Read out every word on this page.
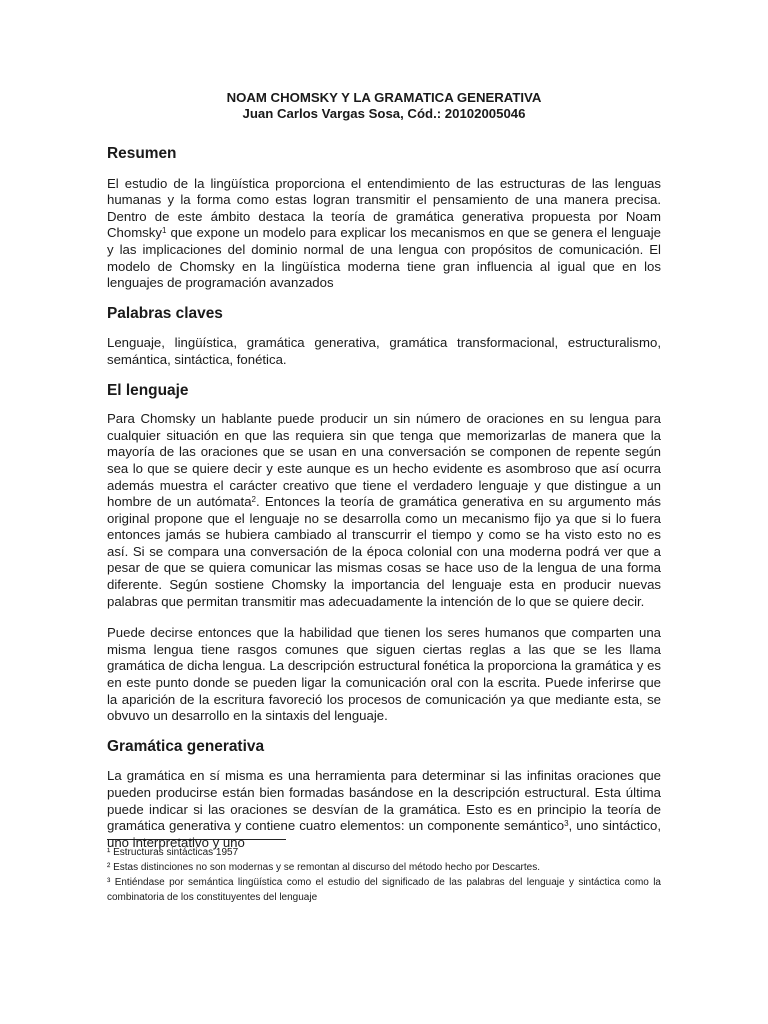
NOAM CHOMSKY Y LA GRAMATICA GENERATIVA
Juan Carlos Vargas Sosa, Cód.: 20102005046
Resumen

El estudio de la lingüística proporciona el entendimiento de las estructuras de las lenguas humanas y la forma como estas logran transmitir el pensamiento de una manera precisa. Dentro de este ámbito destaca la teoría de gramática generativa propuesta por Noam Chomsky$^1$ que expone un modelo para explicar los mecanismos en que se genera el lenguaje y las implicaciones del dominio normal de una lengua con propósitos de comunicación. El modelo de Chomsky en la lingüística moderna tiene gran influencia al igual que en los lenguajes de programación avanzados

Palabras claves

Lenguaje, lingüística, gramática generativa, gramática transformacional, estructuralismo, semántica, sintáctica, fonética.

El lenguaje

Para Chomsky un hablante puede producir un sin número de oraciones en su lengua para cualquier situación en que las requiera sin que tenga que memorizarlas de manera que la mayoría de las oraciones que se usan en una conversación se componen de repente según sea lo que se quiere decir y este aunque es un hecho evidente es asombroso que así ocurra además muestra el carácter creativo que tiene el verdadero lenguaje y que distingue a un hombre de un autómata$^2$. Entonces la teoría de gramática generativa en su argumento más original propone que el lenguaje no se desarrolla como un mecanismo fijo ya que si lo fuera entonces jamás se hubiera cambiado al transcurrir el tiempo y como se ha visto esto no es así. Si se compara una conversación de la época colonial con una moderna podrá ver que a pesar de que se quiera comunicar las mismas cosas se hace uso de la lengua de una forma diferente. Según sostiene Chomsky la importancia del lenguaje esta en producir nuevas palabras que permitan transmitir mas adecuadamente la intención de lo que se quiere decir.

Puede decirse entonces que la habilidad que tienen los seres humanos que comparten una misma lengua tiene rasgos comunes que siguen ciertas reglas a las que se les llama gramática de dicha lengua. La descripción estructural fonética la proporciona la gramática y es en este punto donde se pueden ligar la comunicación oral con la escrita. Puede inferirse que la aparición de la escritura favoreció los procesos de comunicación ya que mediante esta, se obvuvo un desarrollo en la sintaxis del lenguaje.

Gramática generativa

La gramática en sí misma es una herramienta para determinar si las infinitas oraciones que pueden producirse están bien formadas basándose en la descripción estructural. Esta última puede indicar si las oraciones se desvían de la gramática. Esto es en principio la teoría de gramática generativa y contiene cuatro elementos: un componente semántico$^3$, uno sintáctico, uno interpretativo y uno

¹ Estructuras sintácticas 1957

² Estas distinciones no son modernas y se remontan al discurso del método hecho por Descartes.

³ Entiéndase por semántica lingüística como el estudio del significado de las palabras del lenguaje y sintáctica como la combinatoria de los constituyentes del lenguaje
